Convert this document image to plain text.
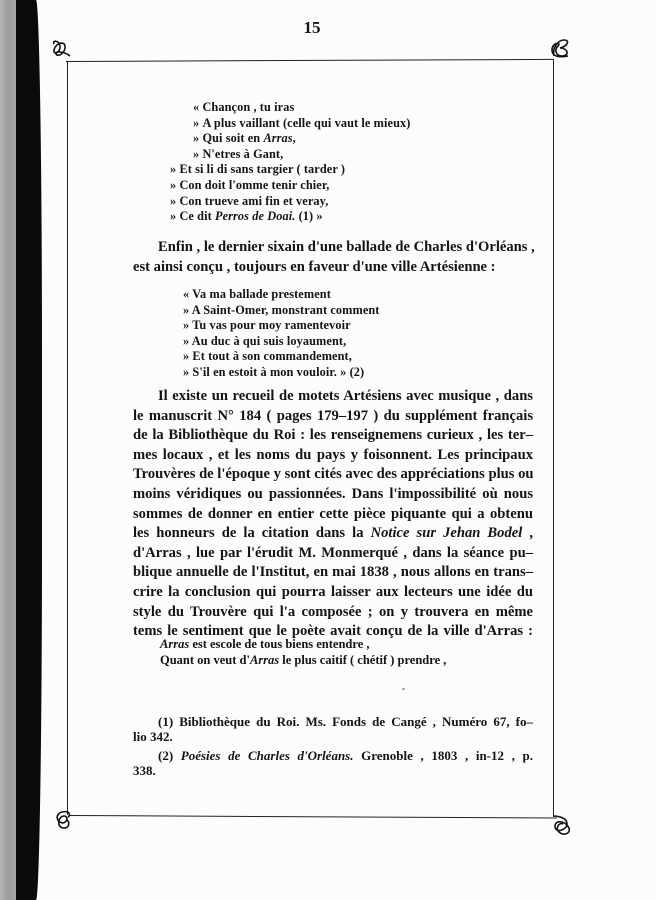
15
« Chançon , tu iras
» A plus vaillant (celle qui vaut le mieux)
» Qui soit en Arras,
» N'etres à Gant,
» Et si li di sans targier ( tarder )
» Con doit l'omme tenir chier,
» Con trueve ami fin et veray,
» Ce dit Perros de Doai. (1) »
Enfin , le dernier sixain d'une ballade de Charles d'Orléans ,
est ainsi conçu , toujours en faveur d'une ville Artésienne :
« Va ma ballade prestement
» A Saint-Omer, monstrant comment
» Tu vas pour moy ramentevoir
» Au duc à qui suis loyaument,
» Et tout à son commandement,
» S'il en estoit à mon vouloir. » (2)
Il existe un recueil de motets Artésiens avec musique , dans
le manuscrit N° 184 ( pages 179–197 ) du supplément français
de la Bibliothèque du Roi : les renseignemens curieux , les ter–
mes locaux , et les noms du pays y foisonnent. Les principaux
Trouvères de l'époque y sont cités avec des appréciations plus ou
moins véridiques ou passionnées. Dans l'impossibilité où nous
sommes de donner en entier cette pièce piquante qui a obtenu
les honneurs de la citation dans la Notice sur Jehan Bodel ,
d'Arras , lue par l'érudit M. Monmerqué , dans la séance pu–
blique annuelle de l'Institut, en mai 1838 , nous allons en trans–
crire la conclusion qui pourra laisser aux lecteurs une idée du
style du Trouvère qui l'a composée ; on y trouvera en même
tems le sentiment que le poète avait conçu de la ville d'Arras :
Arras est escole de tous biens entendre ,
Quant on veut d'Arras le plus caitif ( chétif ) prendre ,
(1) Bibliothèque du Roi. Ms. Fonds de Cangé , Numéro 67, fo–
lio 342.
(2) Poésies de Charles d'Orléans. Grenoble , 1803 , in-12 , p.
338.
